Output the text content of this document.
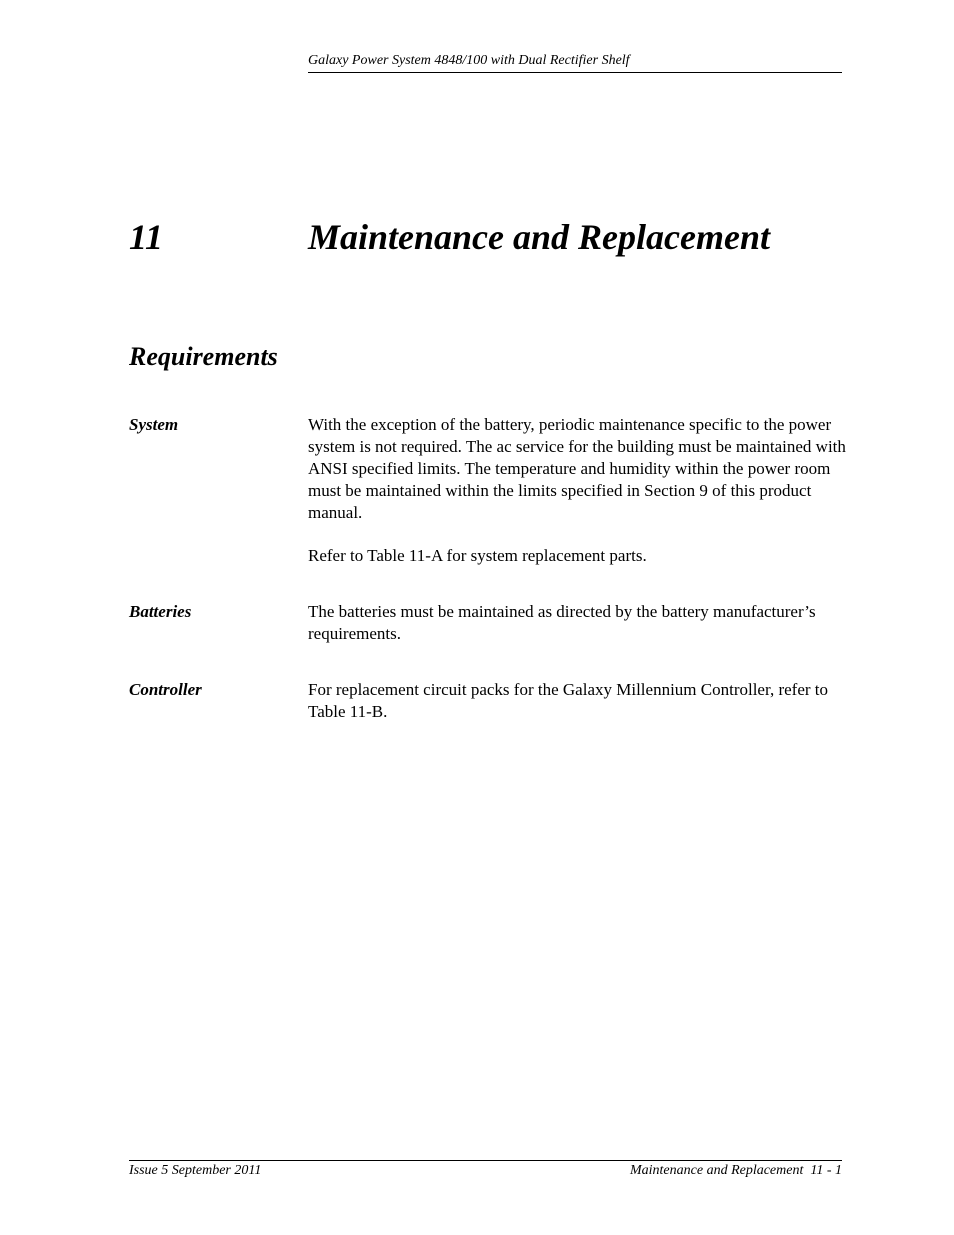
Galaxy Power System 4848/100 with Dual Rectifier Shelf
11	Maintenance and Replacement
Requirements
System	With the exception of the battery, periodic maintenance specific to the power system is not required. The ac service for the building must be maintained with ANSI specified limits. The temperature and humidity within the power room must be maintained within the limits specified in Section 9 of this product manual.

Refer to Table 11-A for system replacement parts.

Batteries	The batteries must be maintained as directed by the battery manufacturer’s requirements.

Controller	For replacement circuit packs for the Galaxy Millennium Controller, refer to Table 11-B.

Issue 5 September 2011	Maintenance and Replacement  11 - 1
